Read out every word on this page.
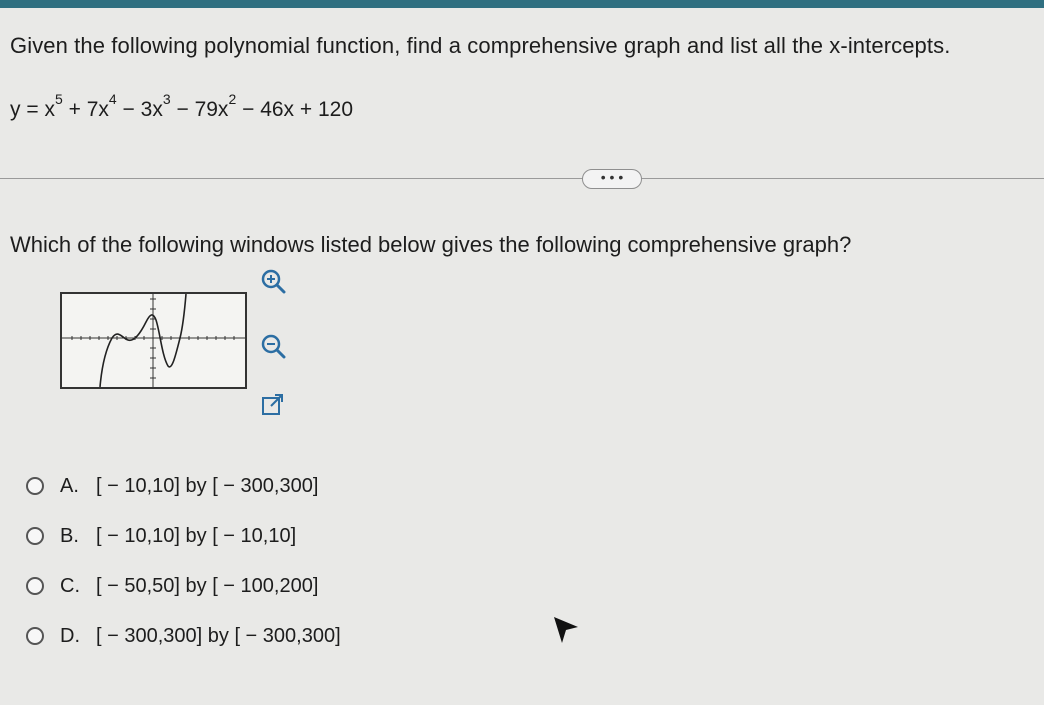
Given the following polynomial function, find a comprehensive graph and list all the x-intercepts.
$y = x^5 + 7x^4 - 3x^3 - 79x^2 - 46x + 120$
• • •
Which of the following windows listed below gives the following comprehensive graph?
A. [ − 10,10] by [ − 300,300]
B. [ − 10,10] by [ − 10,10]
C. [ − 50,50] by [ − 100,200]
D. [ − 300,300] by [ − 300,300]
